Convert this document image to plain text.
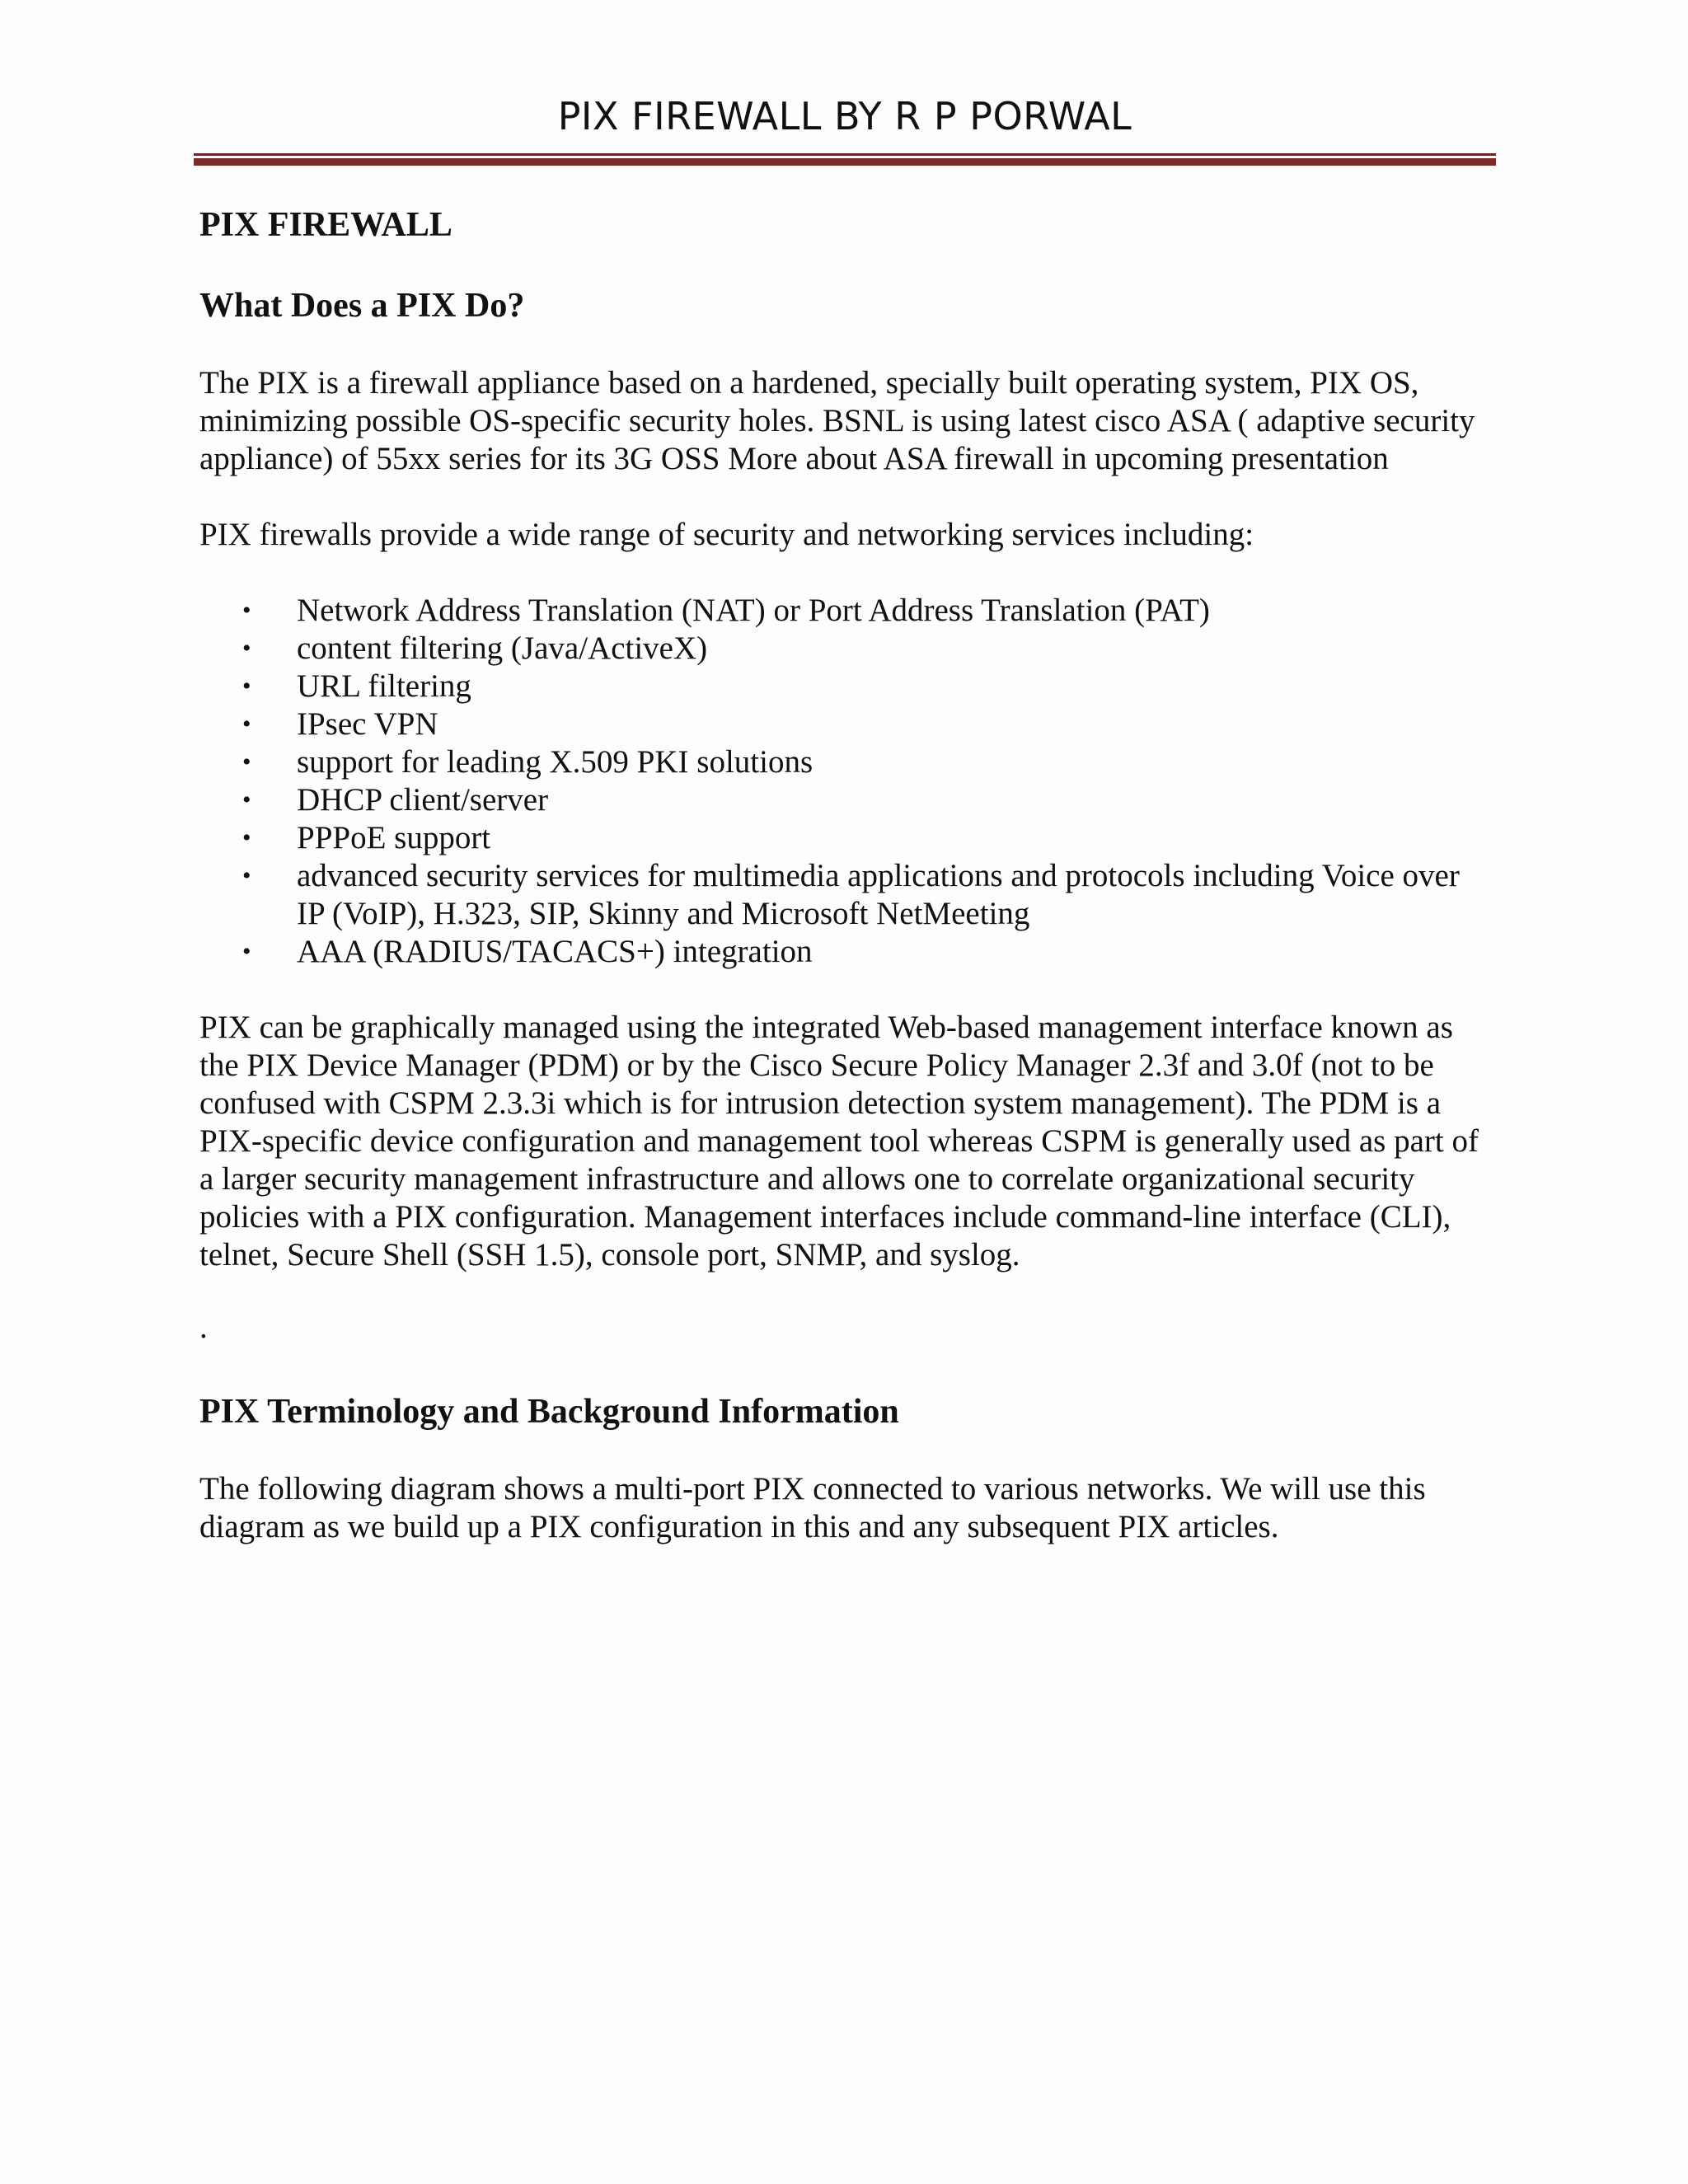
PIX FIREWALL BY R P PORWAL
PIX FIREWALL
What Does a PIX Do?

The PIX is a firewall appliance based on a hardened, specially built operating system, PIX OS, minimizing possible OS-specific security holes. BSNL is using latest cisco ASA ( adaptive security appliance) of 55xx series for its 3G OSS More about ASA firewall in upcoming presentation

PIX firewalls provide a wide range of security and networking services including:

• Network Address Translation (NAT) or Port Address Translation (PAT)
• content filtering (Java/ActiveX)
• URL filtering
• IPsec VPN
• support for leading X.509 PKI solutions
• DHCP client/server
• PPPoE support
• advanced security services for multimedia applications and protocols including Voice over IP (VoIP), H.323, SIP, Skinny and Microsoft NetMeeting
• AAA (RADIUS/TACACS+) integration

PIX can be graphically managed using the integrated Web-based management interface known as the PIX Device Manager (PDM) or by the Cisco Secure Policy Manager 2.3f and 3.0f (not to be confused with CSPM 2.3.3i which is for intrusion detection system management). The PDM is a PIX-specific device configuration and management tool whereas CSPM is generally used as part of a larger security management infrastructure and allows one to correlate organizational security policies with a PIX configuration. Management interfaces include command-line interface (CLI), telnet, Secure Shell (SSH 1.5), console port, SNMP, and syslog.

.

PIX Terminology and Background Information

The following diagram shows a multi-port PIX connected to various networks. We will use this diagram as we build up a PIX configuration in this and any subsequent PIX articles.
